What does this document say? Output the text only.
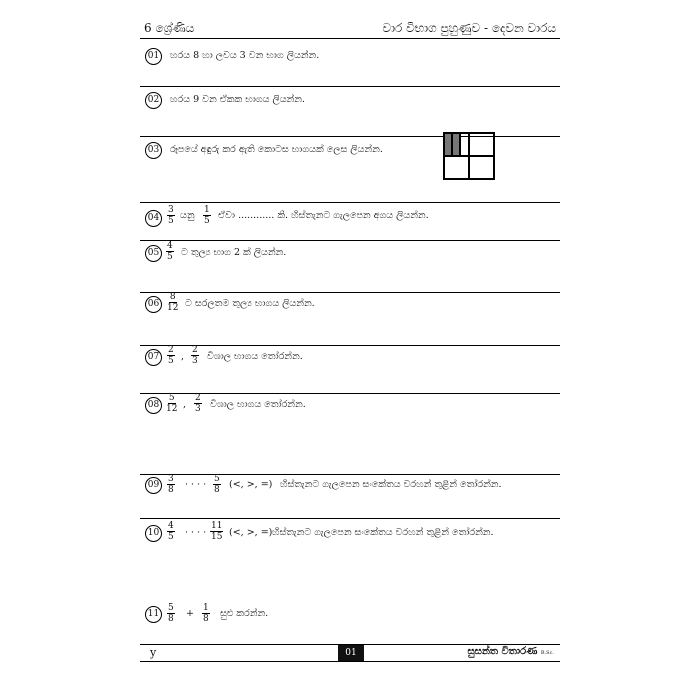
6 ශ්‍රේණිය	වාර විභාග පුහුණුව - දෙවන වාරය
01 හරය 8 හා ලවය 3 වන භාග ලියන්න.
02 හරය 9 වන ඒකක භාගය ලියන්න.
03 රූපයේ අඳුරු කර ඇති කොටස භාගයක් ලෙස ලියන්න.
$04 \frac{3}{5}$ යනු $\frac{1}{5}$ ඒවා ............ කි. හිස්තැනට ගැලපෙන අගය ලියන්න.
$05 \frac{4}{5}$ ට තුල්‍ය භාග 2 ක් ලියන්න.
$06 \frac{8}{12}$ ට සරලතම තුල්‍ය භාගය ලියන්න.
$07 \frac{2}{5}$ , $\frac{2}{3}$ විශාල භාගය තෝරන්න.
$08 \frac{5}{12}$ , $\frac{2}{3}$ විශාල භාගය තෝරන්න.
$09 \frac{3}{8}$ · · · · $\frac{5}{8}$ (<, >, =) හිස්තැනට ගැලපෙන සංකේතය වරහන් තුළින් තෝරන්න.
$10 \frac{4}{5}$ · · · · $\frac{11}{15}$ (<, >, =) හිස්තැනට ගැලපෙන සංකේතය වරහන් තුළින් තෝරන්න.
$11 \frac{5}{8} + \frac{1}{8}$ සුළු කරන්න.
y	01	සුසන්ත විතාරණ B.Sc.
